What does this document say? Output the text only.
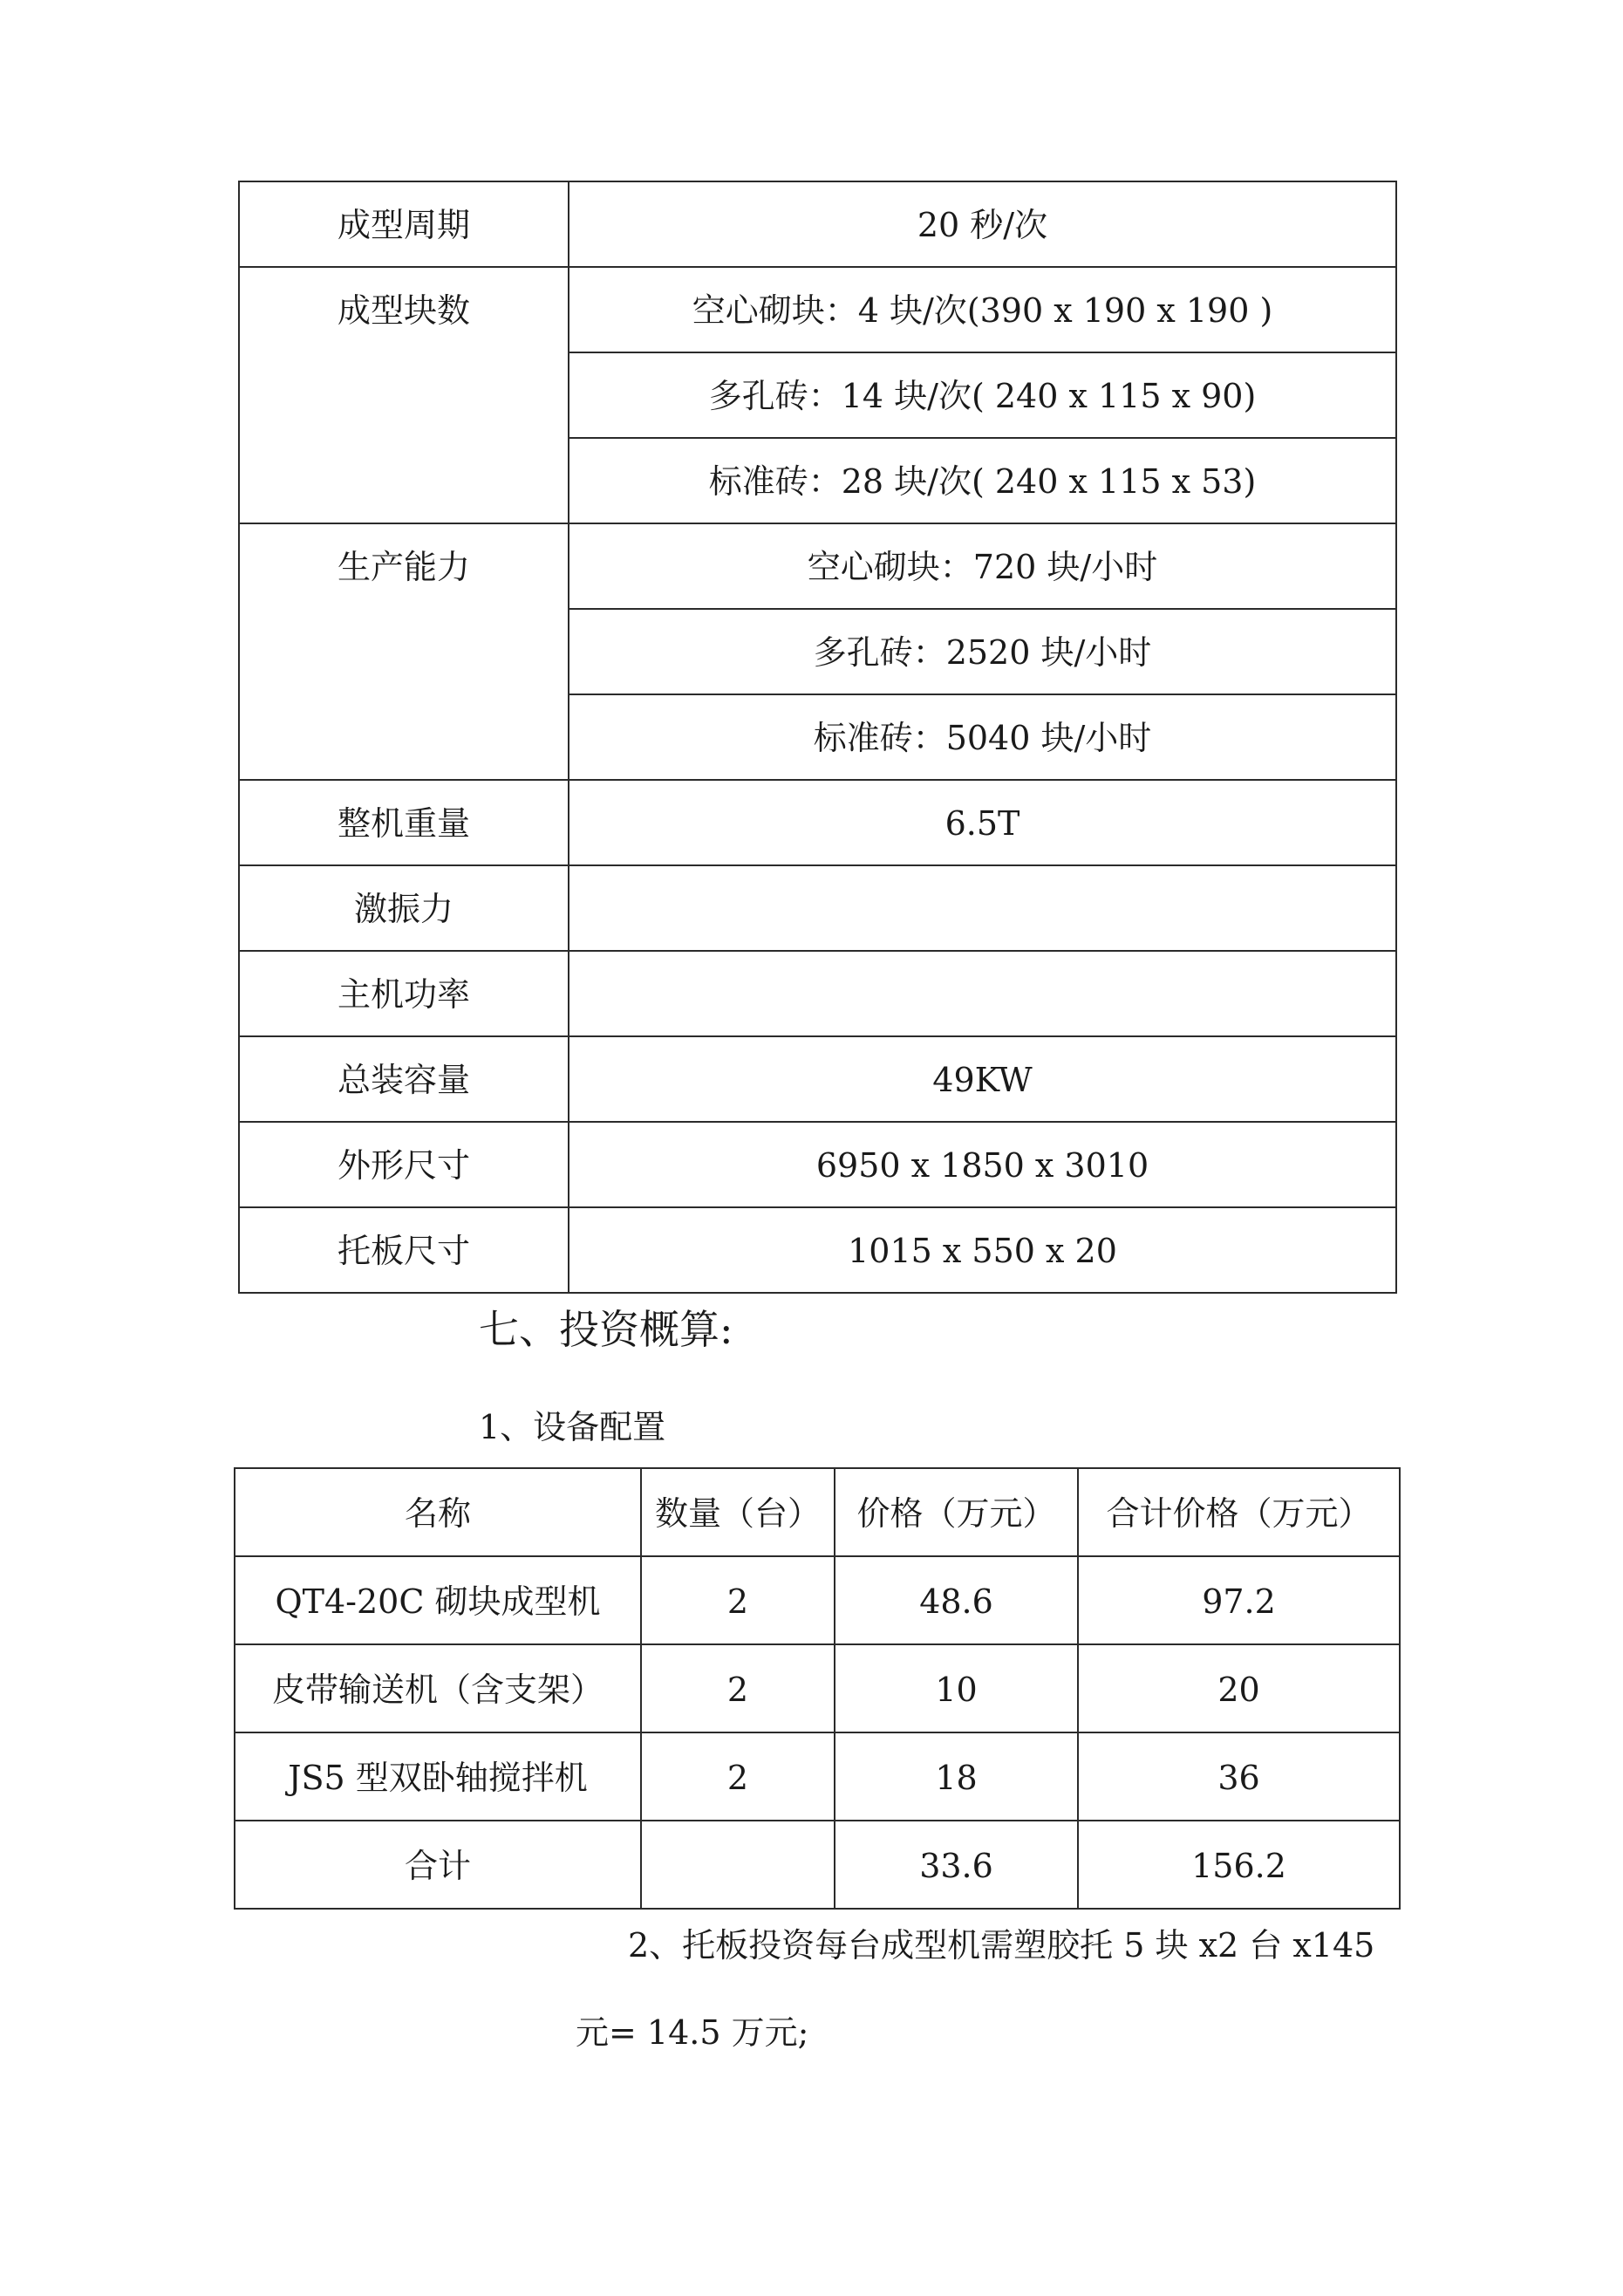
成型周期	20 秒/次

成型块数	空心砌块：4 块/次(390 x 190 x 190 )

	多孔砖：14 块/次( 240 x 115 x 90)

	标准砖：28 块/次( 240 x 115 x 53)

生产能力	空心砌块：720 块/小时

	多孔砖：2520 块/小时

	标准砖：5040 块/小时

整机重量	6.5T

激振力	

主机功率	

总装容量	49KW

外形尺寸	6950 x 1850 x 3010

托板尺寸	1015 x 550 x 20
七、投资概算:
1、设备配置
名称	数量（台）	价格（万元）	合计价格（万元）

QT4-20C 砌块成型机	2	48.6	97.2

皮带输送机（含支架）	2	10	20

JS5 型双卧轴搅拌机	2	18	36

合计		33.6	156.2
2、托板投资每台成型机需塑胶托 5 块 x2 台 x145
元= 14.5 万元;
